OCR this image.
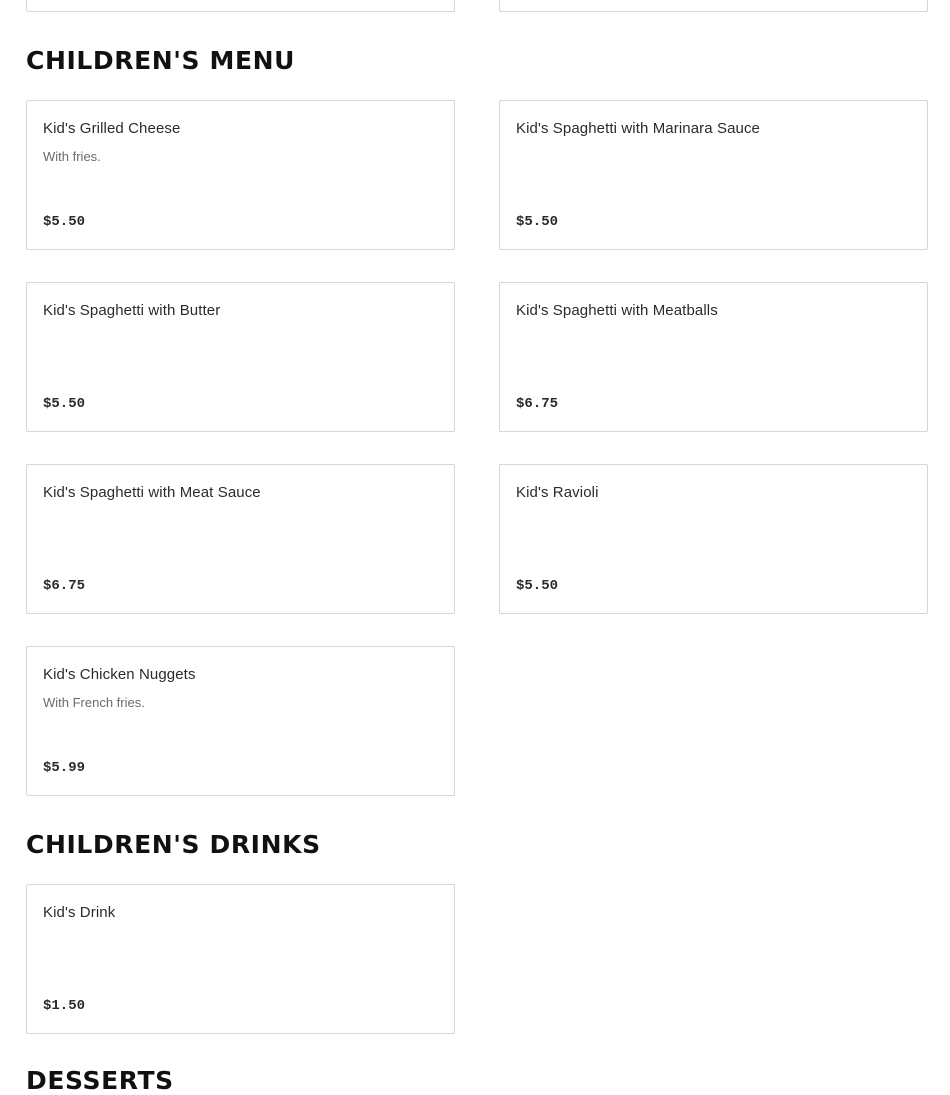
CHILDREN'S MENU
Kid's Grilled Cheese
With fries.
$5.50
Kid's Spaghetti with Marinara Sauce
$5.50
Kid's Spaghetti with Butter
$5.50
Kid's Spaghetti with Meatballs
$6.75
Kid's Spaghetti with Meat Sauce
$6.75
Kid's Ravioli
$5.50
Kid's Chicken Nuggets
With French fries.
$5.99
CHILDREN'S DRINKS
Kid's Drink
$1.50
DESSERTS
